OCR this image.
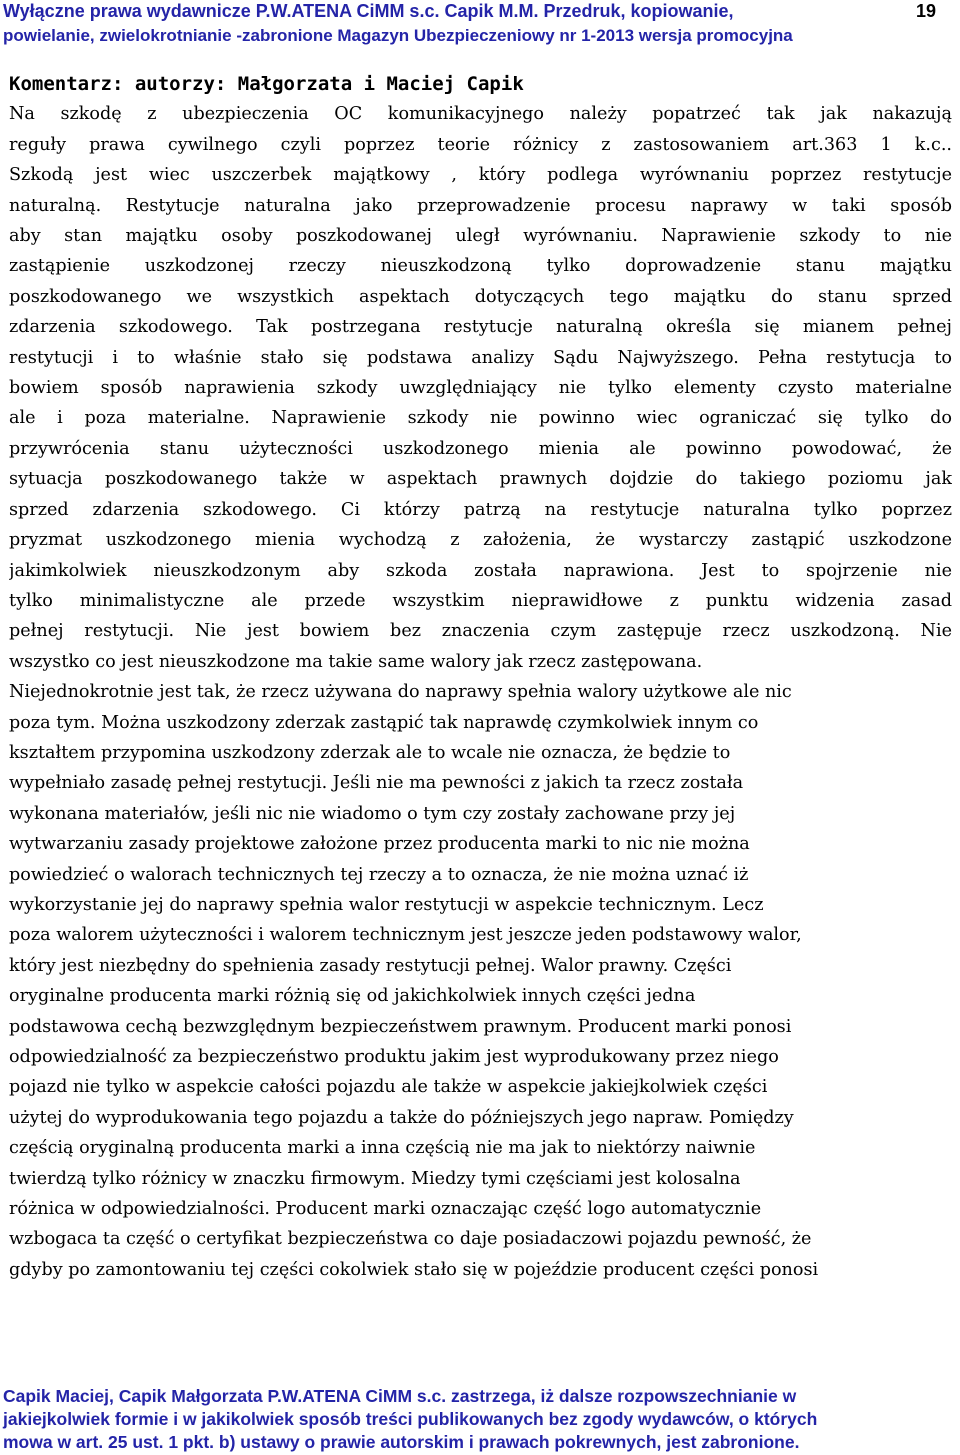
Wyłączne prawa wydawnicze P.W.ATENA CiMM s.c. Capik M.M. Przedruk, kopiowanie,

powielanie, zwielokrotnianie -zabronione Magazyn Ubezpieczeniowy nr 1-2013 wersja promocyjna

19

Komentarz: autorzy: Małgorzata i Maciej Capik

Na szkodę z ubezpieczenia OC komunikacyjnego należy popatrzeć tak jak nakazują

reguły prawa cywilnego czyli poprzez teorie różnicy z zastosowaniem art.363 1 k.c..

Szkodą jest wiec uszczerbek majątkowy , który podlega wyrównaniu poprzez restytucje

naturalną. Restytucje naturalna jako przeprowadzenie procesu naprawy w taki sposób

aby stan majątku osoby poszkodowanej uległ wyrównaniu. Naprawienie szkody to nie

zastąpienie uszkodzonej rzeczy nieuszkodzoną tylko doprowadzenie stanu majątku

poszkodowanego we wszystkich aspektach dotyczących tego majątku do stanu sprzed

zdarzenia szkodowego. Tak postrzegana restytucje naturalną określa się mianem pełnej

restytucji i to właśnie stało się podstawa analizy Sądu Najwyższego. Pełna restytucja to

bowiem sposób naprawienia szkody uwzględniający nie tylko elementy czysto materialne

ale i poza materialne. Naprawienie szkody nie powinno wiec ograniczać się tylko do

przywrócenia stanu użyteczności uszkodzonego mienia ale powinno powodować, że

sytuacja poszkodowanego także w aspektach prawnych dojdzie do takiego poziomu jak

sprzed zdarzenia szkodowego. Ci którzy patrzą na restytucje naturalna tylko poprzez

pryzmat uszkodzonego mienia wychodzą z założenia, że wystarczy zastąpić uszkodzone

jakimkolwiek nieuszkodzonym aby szkoda została naprawiona. Jest to spojrzenie nie

tylko minimalistyczne ale przede wszystkim nieprawidłowe z punktu widzenia zasad

pełnej restytucji. Nie jest bowiem bez znaczenia czym zastępuje rzecz uszkodzoną. Nie

wszystko co jest nieuszkodzone ma takie same walory jak rzecz zastępowana.

Niejednokrotnie jest tak, że rzecz używana do naprawy spełnia walory użytkowe ale nic

poza tym. Można uszkodzony zderzak zastąpić tak naprawdę czymkolwiek innym co

kształtem przypomina uszkodzony zderzak ale to wcale nie oznacza, że będzie to

wypełniało zasadę pełnej restytucji. Jeśli nie ma pewności z jakich ta rzecz została

wykonana materiałów, jeśli nic nie wiadomo o tym czy zostały zachowane przy jej

wytwarzaniu zasady projektowe założone przez producenta marki to nic nie można

powiedzieć o walorach technicznych tej rzeczy a to oznacza, że nie można uznać iż

wykorzystanie jej do naprawy spełnia walor restytucji w aspekcie technicznym. Lecz

poza walorem użyteczności i walorem technicznym jest jeszcze jeden podstawowy walor,

który jest niezbędny do spełnienia zasady restytucji pełnej. Walor prawny. Części

oryginalne producenta marki różnią się od jakichkolwiek innych części jedna

podstawowa cechą bezwzględnym bezpieczeństwem prawnym. Producent marki ponosi

odpowiedzialność za bezpieczeństwo produktu jakim jest wyprodukowany przez niego

pojazd nie tylko w aspekcie całości pojazdu ale także w aspekcie jakiejkolwiek części

użytej do wyprodukowania tego pojazdu a także do późniejszych jego napraw. Pomiędzy

częścią oryginalną producenta marki a inna częścią nie ma jak to niektórzy naiwnie

twierdzą tylko różnicy w znaczku firmowym. Miedzy tymi częściami jest kolosalna

różnica w odpowiedzialności. Producent marki oznaczając część logo automatycznie

wzbogaca ta część o certyfikat bezpieczeństwa co daje posiadaczowi pojazdu pewność, że

gdyby po zamontowaniu tej części cokolwiek stało się w pojeździe producent części ponosi

Capik Maciej, Capik Małgorzata P.W.ATENA CiMM s.c. zastrzega, iż dalsze rozpowszechnianie w

jakiejkolwiek formie i w jakikolwiek sposób treści publikowanych bez zgody wydawców, o których

mowa w art. 25 ust. 1 pkt. b) ustawy o prawie autorskim i prawach pokrewnych, jest zabronione.
